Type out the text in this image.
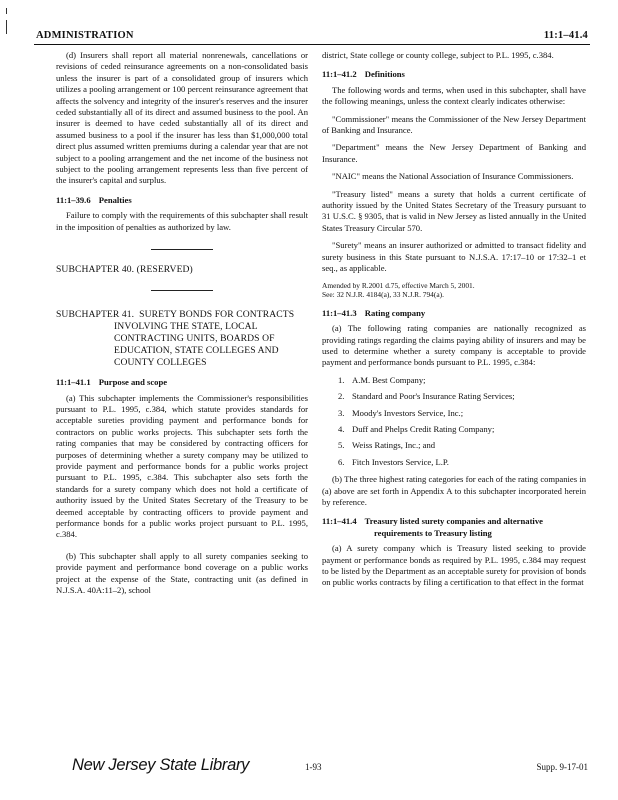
ADMINISTRATION	11:1–41.4

(d) Insurers shall report all material nonrenewals, cancellations or revisions of ceded reinsurance agreements on a non-consolidated basis unless the insurer is part of a consolidated group of insurers which utilizes a pooling arrangement or 100 percent reinsurance agreement that affects the solvency and integrity of the insurer's reserves and the insurer ceded substantially all of its direct and assumed business to the pool. An insurer is deemed to have ceded substantially all of its direct and assumed business to a pool if the insurer has less than $1,000,000 total direct plus assumed written premiums during a calendar year that are not subject to a pooling arrangement and the net income of the business not subject to the pooling arrangement represents less than five percent of the insurer's capital and surplus.

11:1–39.6 Penalties

Failure to comply with the requirements of this subchapter shall result in the imposition of penalties as authorized by law.

SUBCHAPTER 40. (RESERVED)
SUBCHAPTER 41. SURETY BONDS FOR CONTRACTS INVOLVING THE STATE, LOCAL CONTRACTING UNITS, BOARDS OF EDUCATION, STATE COLLEGES AND COUNTY COLLEGES
11:1–41.1 Purpose and scope

(a) This subchapter implements the Commissioner's responsibilities pursuant to P.L. 1995, c.384, which statute provides standards for acceptable sureties providing payment and performance bonds for contractors on public works projects. This subchapter sets forth the rating companies that may be considered by contracting officers for purposes of determining whether a surety company may be utilized to provide payment and performance bonds for a public works project pursuant to P.L. 1995, c.384. This subchapter also sets forth the standards for a surety company which does not hold a certificate of authority issued by the United States Secretary of the Treasury to be deemed acceptable by contracting officers to provide payment and performance bonds for a public works project pursuant to P.L. 1995, c.384.

(b) This subchapter shall apply to all surety companies seeking to provide payment and performance bond coverage on a public works project at the expense of the State, contracting unit (as defined in N.J.S.A. 40A:11–2), school

district, State college or county college, subject to P.L. 1995, c.384.

11:1–41.2 Definitions

The following words and terms, when used in this subchapter, shall have the following meanings, unless the context clearly indicates otherwise:

"Commissioner" means the Commissioner of the New Jersey Department of Banking and Insurance.

"Department" means the New Jersey Department of Banking and Insurance.

"NAIC" means the National Association of Insurance Commissioners.

"Treasury listed" means a surety that holds a current certificate of authority issued by the United States Secretary of the Treasury pursuant to 31 U.S.C. § 9305, that is valid in New Jersey as listed annually in the United States Treasury Circular 570.

"Surety" means an insurer authorized or admitted to transact fidelity and surety business in this State pursuant to N.J.S.A. 17:17–10 or 17:32–1 et seq., as applicable.

Amended by R.2001 d.75, effective March 5, 2001.
See: 32 N.J.R. 4184(a), 33 N.J.R. 794(a).
11:1–41.3 Rating company

(a) The following rating companies are nationally recognized as providing ratings regarding the claims paying ability of insurers and may be used to determine whether a surety company is acceptable to provide payment and performance bonds pursuant to P.L. 1995, c.384:

1. A.M. Best Company;
2. Standard and Poor's Insurance Rating Services;
3. Moody's Investors Service, Inc.;
4. Duff and Phelps Credit Rating Company;
5. Weiss Ratings, Inc.; and
6. Fitch Investors Service, L.P.

(b) The three highest rating categories for each of the rating companies in (a) above are set forth in Appendix A to this subchapter incorporated herein by reference.

11:1–41.4 Treasury listed surety companies and alternative requirements to Treasury listing

(a) A surety company which is Treasury listed seeking to provide payment or performance bonds as required by P.L. 1995, c.384 may request to be listed by the Department as an acceptable surety for provision of bonds on public works contracts by filing a certification to that effect in the format

New Jersey State Library	1-93	Supp. 9-17-01
